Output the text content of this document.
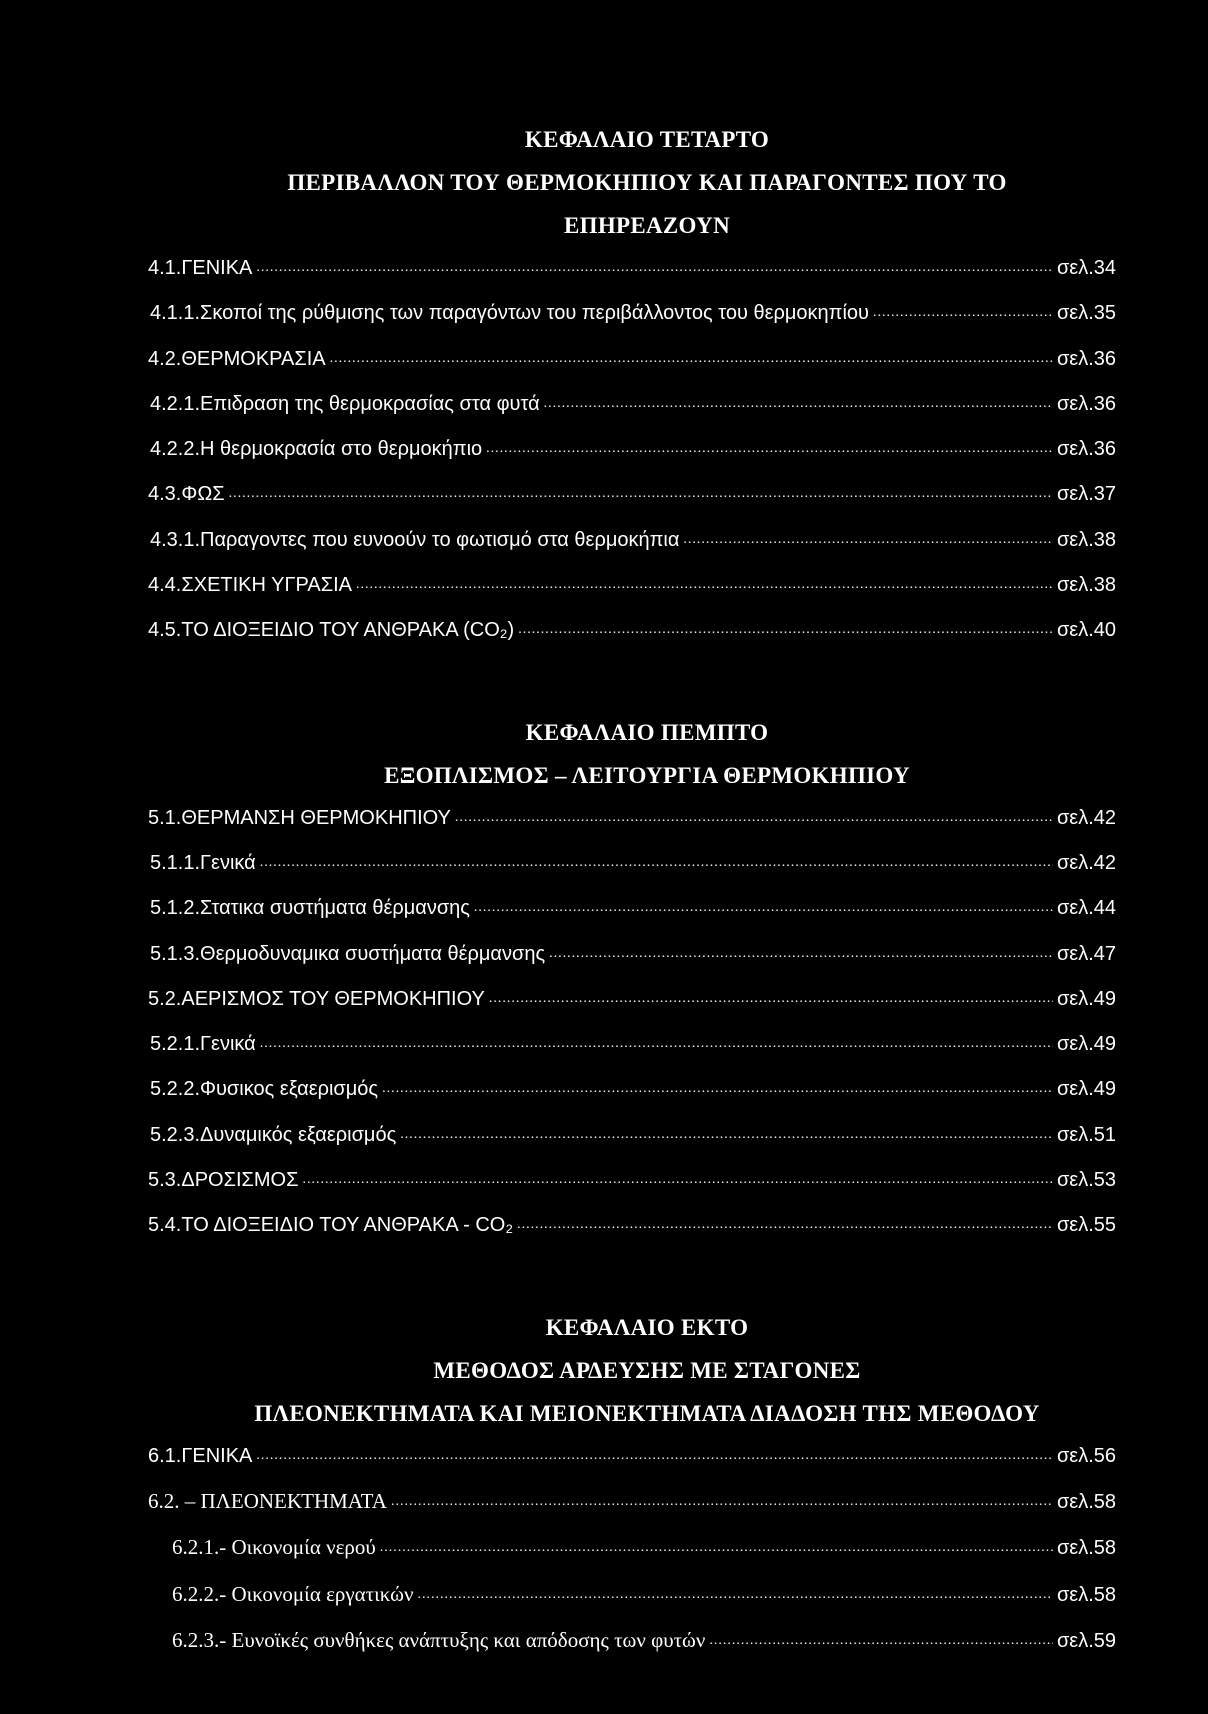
ΚΕΦΑΛΑΙΟ ΤΕΤΑΡΤΟ
ΠΕΡΙΒΑΛΛΟΝ ΤΟΥ ΘΕΡΜΟΚΗΠΙΟΥ ΚΑΙ ΠΑΡΑΓΟΝΤΕΣ ΠΟΥ ΤΟ
ΕΠΗΡΕΑΖΟΥΝ
4.1.ΓΕΝΙΚΑ .....	σελ.34
4.1.1.Σκοποί της ρύθμισης των παραγόντων του περιβάλλοντος του θερμοκηπίου .....	σελ.35
4.2.ΘΕΡΜΟΚΡΑΣΙΑ .....	σελ.36
4.2.1.Επιδραση της θερμοκρασίας στα φυτά .....	σελ.36
4.2.2.Η θερμοκρασία στο θερμοκήπιο .....	σελ.36
4.3.ΦΩΣ .....	σελ.37
4.3.1.Παραγοντες που ευνοούν το φωτισμό στα θερμοκήπια .....	σελ.38
4.4.ΣΧΕΤΙΚΗ ΥΓΡΑΣΙΑ .....	σελ.38
4.5.ΤΟ ΔΙΟΞΕΙΔΙΟ ΤΟΥ ΑΝΘΡΑΚΑ (CO₂) .....	σελ.40
ΚΕΦΑΛΑΙΟ ΠΕΜΠΤΟ
ΕΞΟΠΛΙΣΜΟΣ – ΛΕΙΤΟΥΡΓΙΑ ΘΕΡΜΟΚΗΠΙΟΥ
5.1.ΘΕΡΜΑΝΣΗ ΘΕΡΜΟΚΗΠΙΟΥ .....	σελ.42
5.1.1.Γενικά .....	σελ.42
5.1.2.Στατικα συστήματα θέρμανσης .....	σελ.44
5.1.3.Θερμοδυναμικα συστήματα θέρμανσης .....	σελ.47
5.2.ΑΕΡΙΣΜΟΣ ΤΟΥ ΘΕΡΜΟΚΗΠΙΟΥ .....	σελ.49
5.2.1.Γενικά .....	σελ.49
5.2.2.Φυσικος εξαερισμός .....	σελ.49
5.2.3.Δυναμικός εξαερισμός .....	σελ.51
5.3.ΔΡΟΣΙΣΜΟΣ .....	σελ.53
5.4.ΤΟ ΔΙΟΞΕΙΔΙΟ ΤΟΥ ΑΝΘΡΑΚΑ - CO₂ .....	σελ.55
ΚΕΦΑΛΑΙΟ ΕΚΤΟ
ΜΕΘΟΔΟΣ ΑΡΔΕΥΣΗΣ ΜΕ ΣΤΑΓΟΝΕΣ
ΠΛΕΟΝΕΚΤΗΜΑΤΑ ΚΑΙ ΜΕΙΟΝΕΚΤΗΜΑΤΑ ΔΙΑΔΟΣΗ ΤΗΣ ΜΕΘΟΔΟΥ
6.1.ΓΕΝΙΚΑ .....	σελ.56
6.2. – ΠΛΕΟΝΕΚΤΗΜΑΤΑ .....	σελ.58
6.2.1.- Οικονομία νερού .....	σελ.58
6.2.2.- Οικονομία εργατικών .....	σελ.58
6.2.3.- Ευνοϊκές συνθήκες ανάπτυξης και απόδοσης των φυτών .....	σελ.59
